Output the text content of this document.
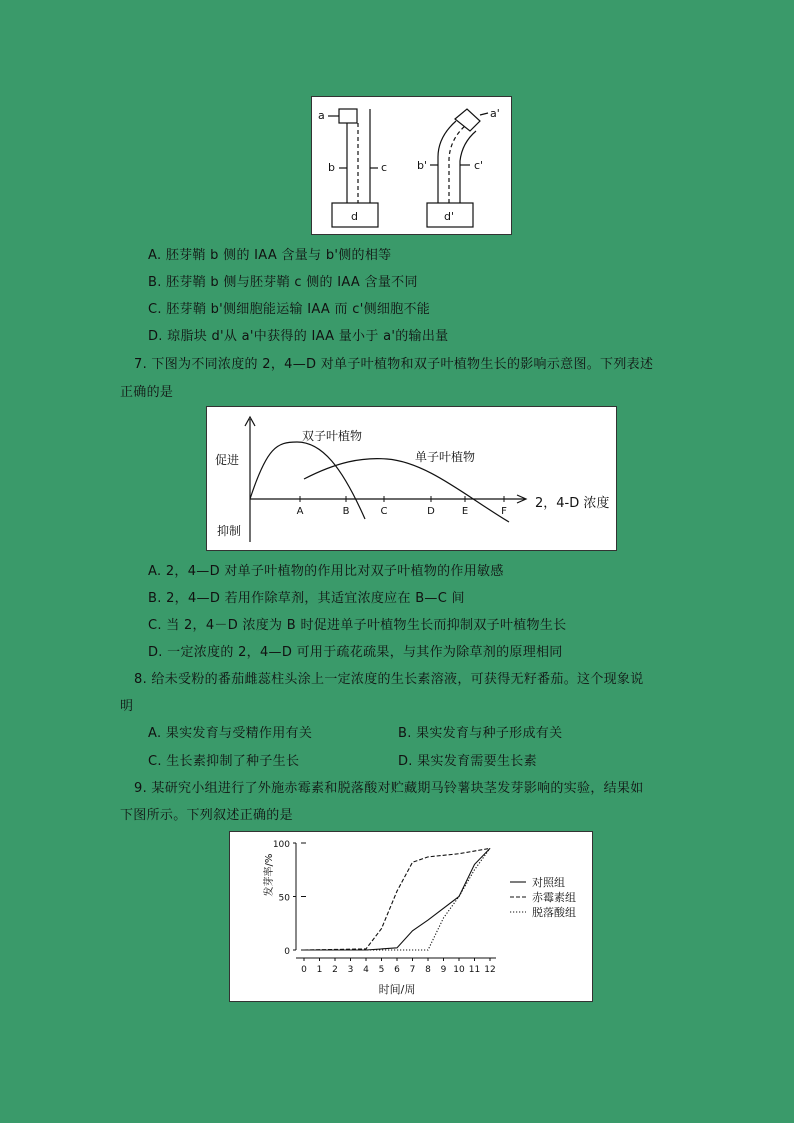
a
b	c
d
a'
b'	c'
d'
A. 胚芽鞘 b 侧的 IAA 含量与 b'侧的相等
B. 胚芽鞘 b 侧与胚芽鞘 c 侧的 IAA 含量不同
C. 胚芽鞘 b'侧细胞能运输 IAA 而 c'侧细胞不能
D. 琼脂块 d'从 a'中获得的 IAA 量小于 a'的输出量
7. 下图为不同浓度的 2，4—D 对单子叶植物和双子叶植物生长的影响示意图。下列表述
正确的是
A	B	C	D	E	F
促进
抑制
双子叶植物
单子叶植物
2，4-D 浓度
A. 2，4—D 对单子叶植物的作用比对双子叶植物的作用敏感
B. 2，4—D 若用作除草剂，其适宜浓度应在 B—C 间
C. 当 2，4－D 浓度为 B 时促进单子叶植物生长而抑制双子叶植物生长
D. 一定浓度的 2，4—D 可用于疏花疏果，与其作为除草剂的原理相同
8. 给未受粉的番茄雌蕊柱头涂上一定浓度的生长素溶液，可获得无籽番茄。这个现象说
明
A. 果实发育与受精作用有关	B. 果实发育与种子形成有关
C. 生长素抑制了种子生长	D. 果实发育需要生长素
9. 某研究小组进行了外施赤霉素和脱落酸对贮藏期马铃薯块茎发芽影响的实验，结果如
下图所示。下列叙述正确的是
0
50
100
0 1 2 3 4 5 6 7 8 9 10 11 12
时间/周
发芽率/%	对照组
赤霉素组
脱落酸组
